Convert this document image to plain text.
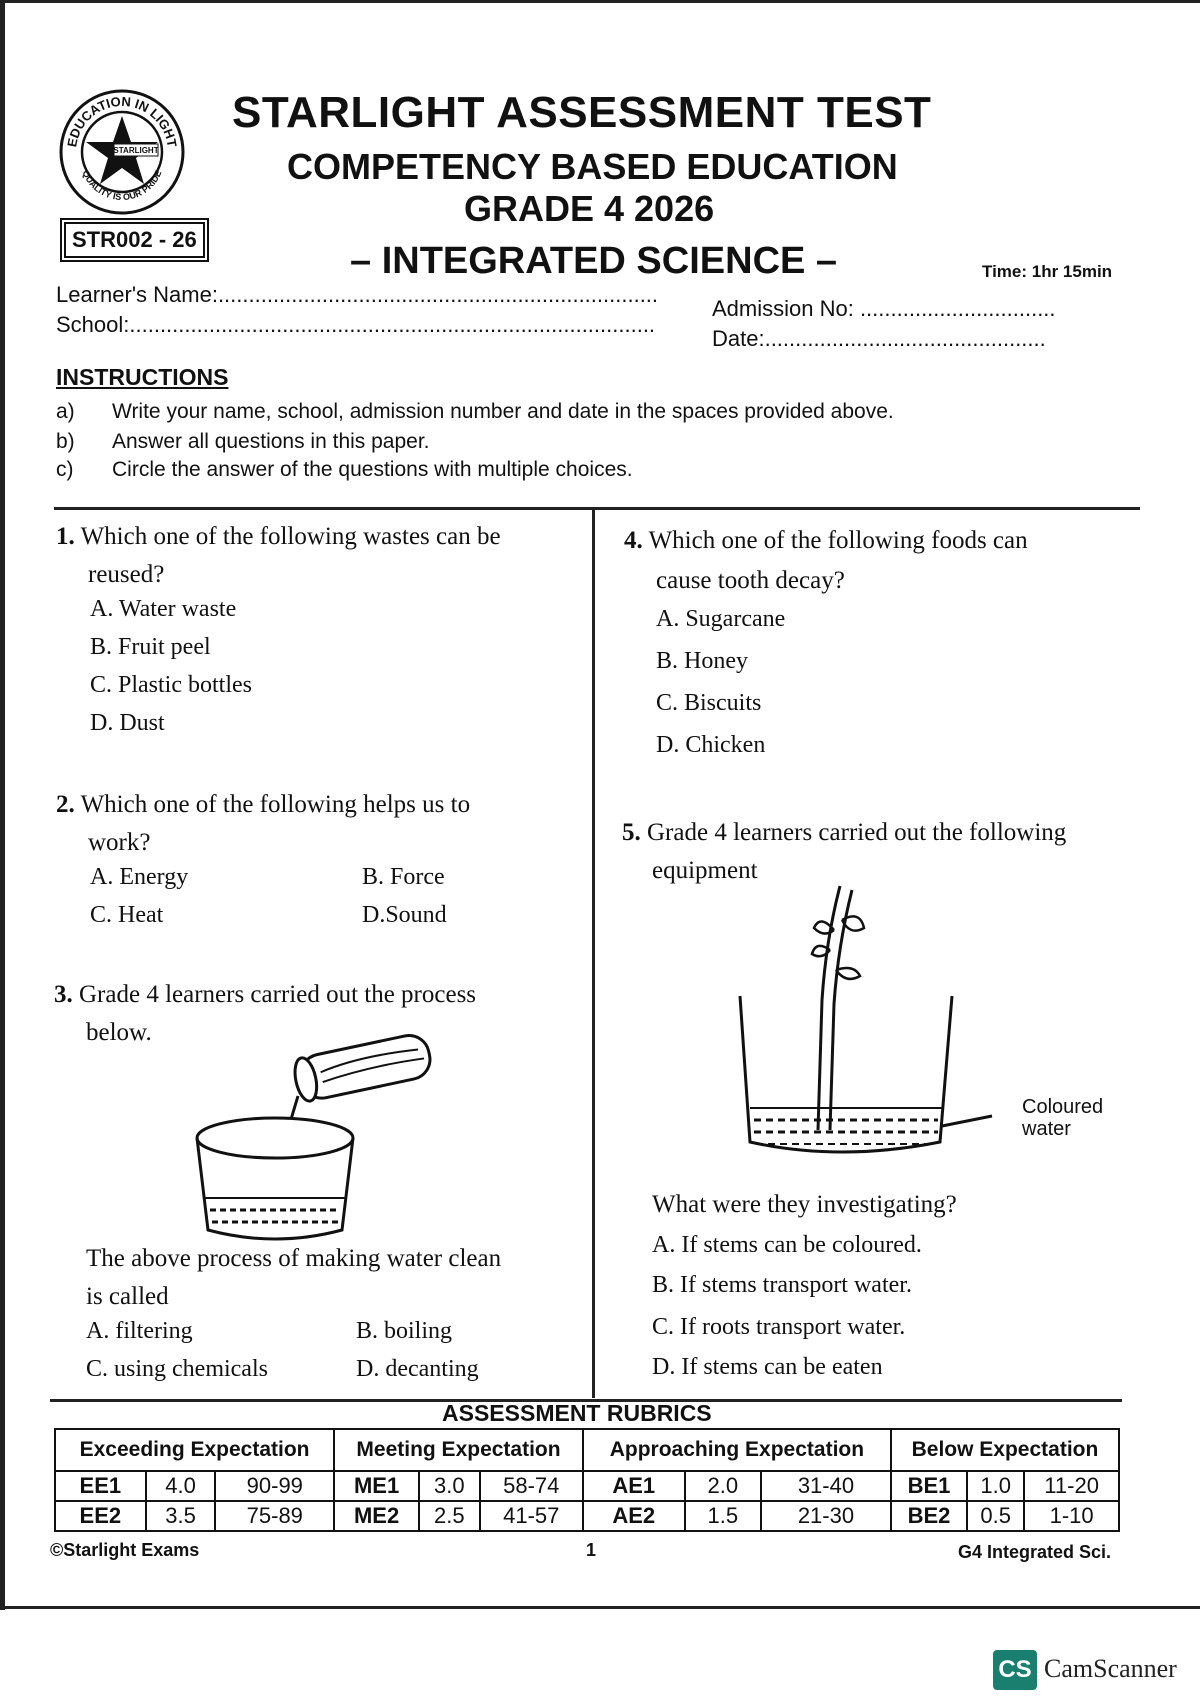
EDUCATION IN LIGHT
QUALITY IS OUR PRIDE
STARLIGHT
STARLIGHT ASSESSMENT TEST
COMPETENCY BASED EDUCATION
GRADE 4 2026
– INTEGRATED SCIENCE –
STR002 - 26
Time: 1hr 15min
Learner's Name:........................................................................
Admission No: ................................
School:......................................................................................
Date:..............................................
INSTRUCTIONS
a) Write your name, school, admission number and date in the spaces provided above.
b) Answer all questions in this paper.
c) Circle the answer of the questions with multiple choices.
1. Which one of the following wastes can be
reused?
A. Water waste
B. Fruit peel
C. Plastic bottles
D. Dust
2. Which one of the following helps us to
work?
A. Energy	B. Force
C. Heat	D.Sound
3. Grade 4 learners carried out the process
below.
The above process of making water clean
is called
A. filtering	B. boiling
C. using chemicals	D. decanting
4. Which one of the following foods can
cause tooth decay?
A. Sugarcane
B. Honey
C. Biscuits
D. Chicken
5. Grade 4 learners carried out the following
equipment
Coloured
water
What were they investigating?
A. If stems can be coloured.
B. If stems transport water.
C. If roots transport water.
D. If stems can be eaten
ASSESSMENT RUBRICS
Exceeding Expectation			Meeting Expectation			Approaching Expectation			Below Expectation		
EE1	4.0	90-99	ME1	3.0	58-74	AE1	2.0	31-40	BE1	1.0	11-20
EE2	3.5	75-89	ME2	2.5	41-57	AE2	1.5	21-30	BE2	0.5	1-10
©Starlight Exams	1	G4 Integrated Sci.
CS CamScanner
